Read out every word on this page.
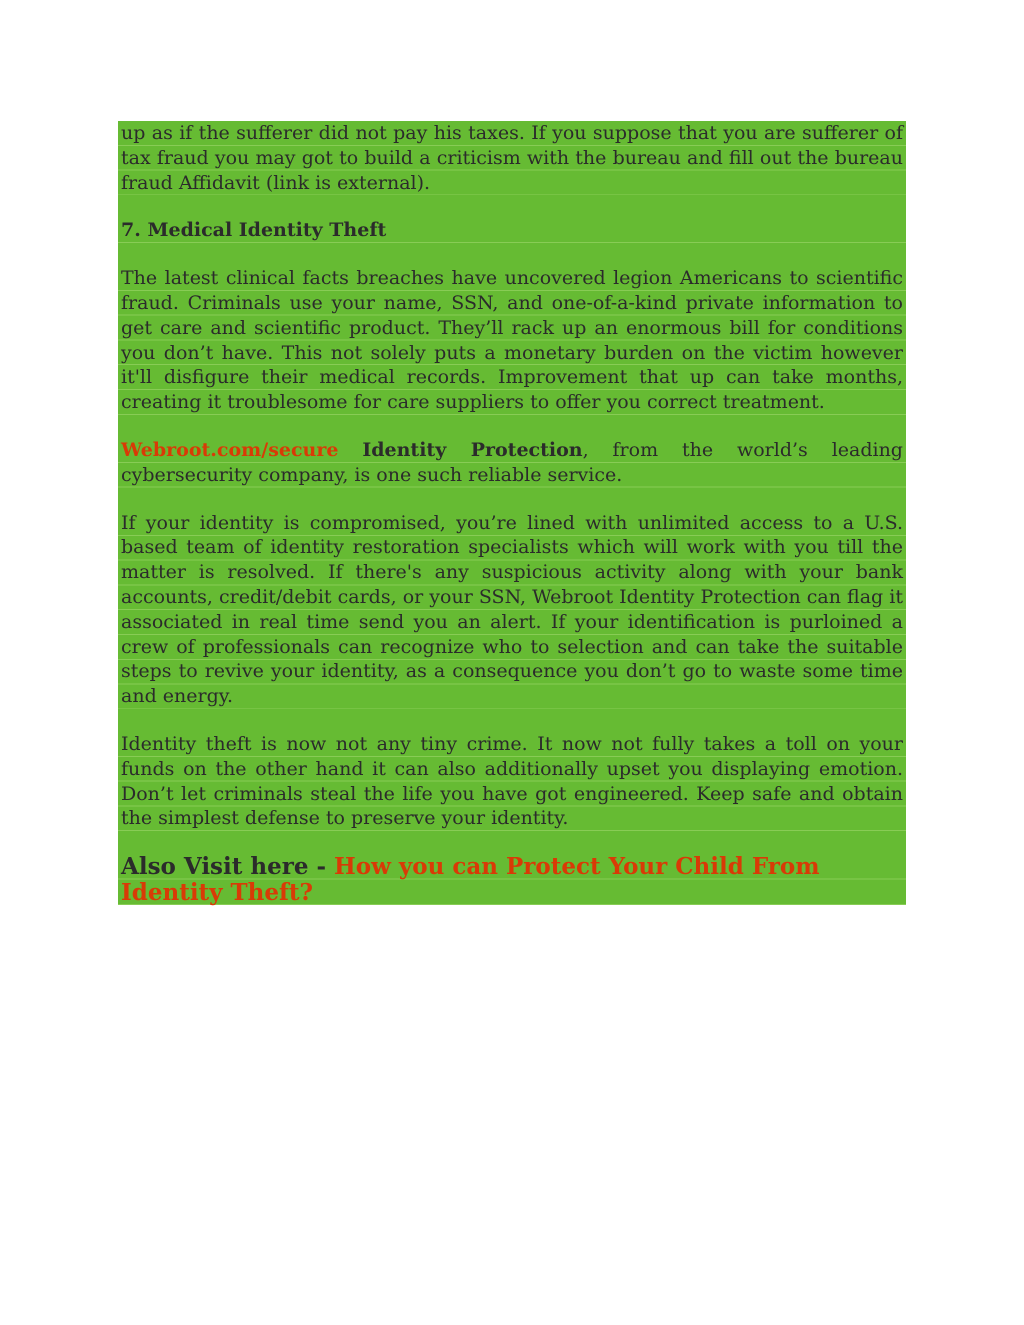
up as if the sufferer did not pay his taxes. If you suppose that you are sufferer of tax fraud you may got to build a criticism with the bureau and fill out the bureau fraud Affidavit (link is external).
7. Medical Identity Theft
The latest clinical facts breaches have uncovered legion Americans to scientific fraud. Criminals use your name, SSN, and one-of-a-kind private information to get care and scientific product. They’ll rack up an enormous bill for conditions you don’t have. This not solely puts a monetary burden on the victim however it'll disfigure their medical records. Improvement that up can take months, creating it troublesome for care suppliers to offer you correct treatment.
Webroot.com/secure Identity Protection, from the world’s leading cybersecurity company, is one such reliable service.
If your identity is compromised, you’re lined with unlimited access to a U.S. based team of identity restoration specialists which will work with you till the matter is resolved. If there's any suspicious activity along with your bank accounts, credit/debit cards, or your SSN, Webroot Identity Protection can flag it associated in real time send you an alert. If your identification is purloined a crew of professionals can recognize who to selection and can take the suitable steps to revive your identity, as a consequence you don’t go to waste some time and energy.
Identity theft is now not any tiny crime. It now not fully takes a toll on your funds on the other hand it can also additionally upset you displaying emotion. Don’t let criminals steal the life you have got engineered. Keep safe and obtain the simplest defense to preserve your identity.
Also Visit here - How you can Protect Your Child From Identity Theft?
